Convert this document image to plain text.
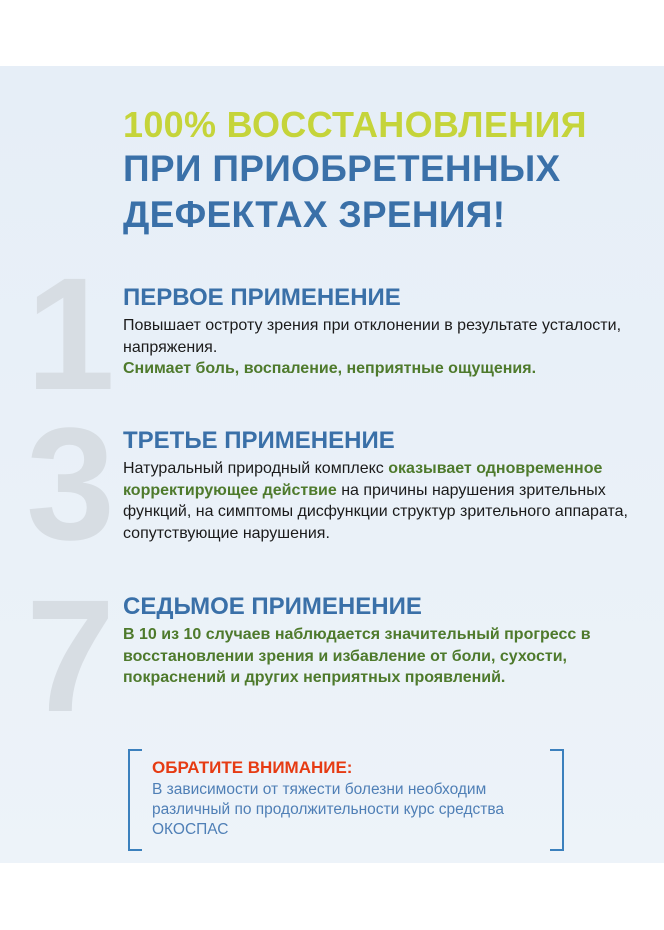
100% ВОССТАНОВЛЕНИЯ
ПРИ ПРИОБРЕТЕННЫХ
ДЕФЕКТАХ ЗРЕНИЯ!
1
3
7
ПЕРВОЕ ПРИМЕНЕНИЕ

Повышает остроту зрения при отклонении в результате усталости, напряжения.
Снимает боль, воспаление, неприятные ощущения.

ТРЕТЬЕ ПРИМЕНЕНИЕ

Натуральный природный комплекс оказывает одновременное корректирующее действие на причины нарушения зрительных функций, на симптомы дисфункции структур зрительного аппарата, сопутствующие нарушения.

СЕДЬМОЕ ПРИМЕНЕНИЕ

В 10 из 10 случаев наблюдается значительный прогресс в восстановлении зрения и избавление от боли, сухости, покраснений и других неприятных проявлений.

ОБРАТИТЕ ВНИМАНИЕ:

В зависимости от тяжести болезни необходим различный по продолжительности курс средства ОКОСПАС
